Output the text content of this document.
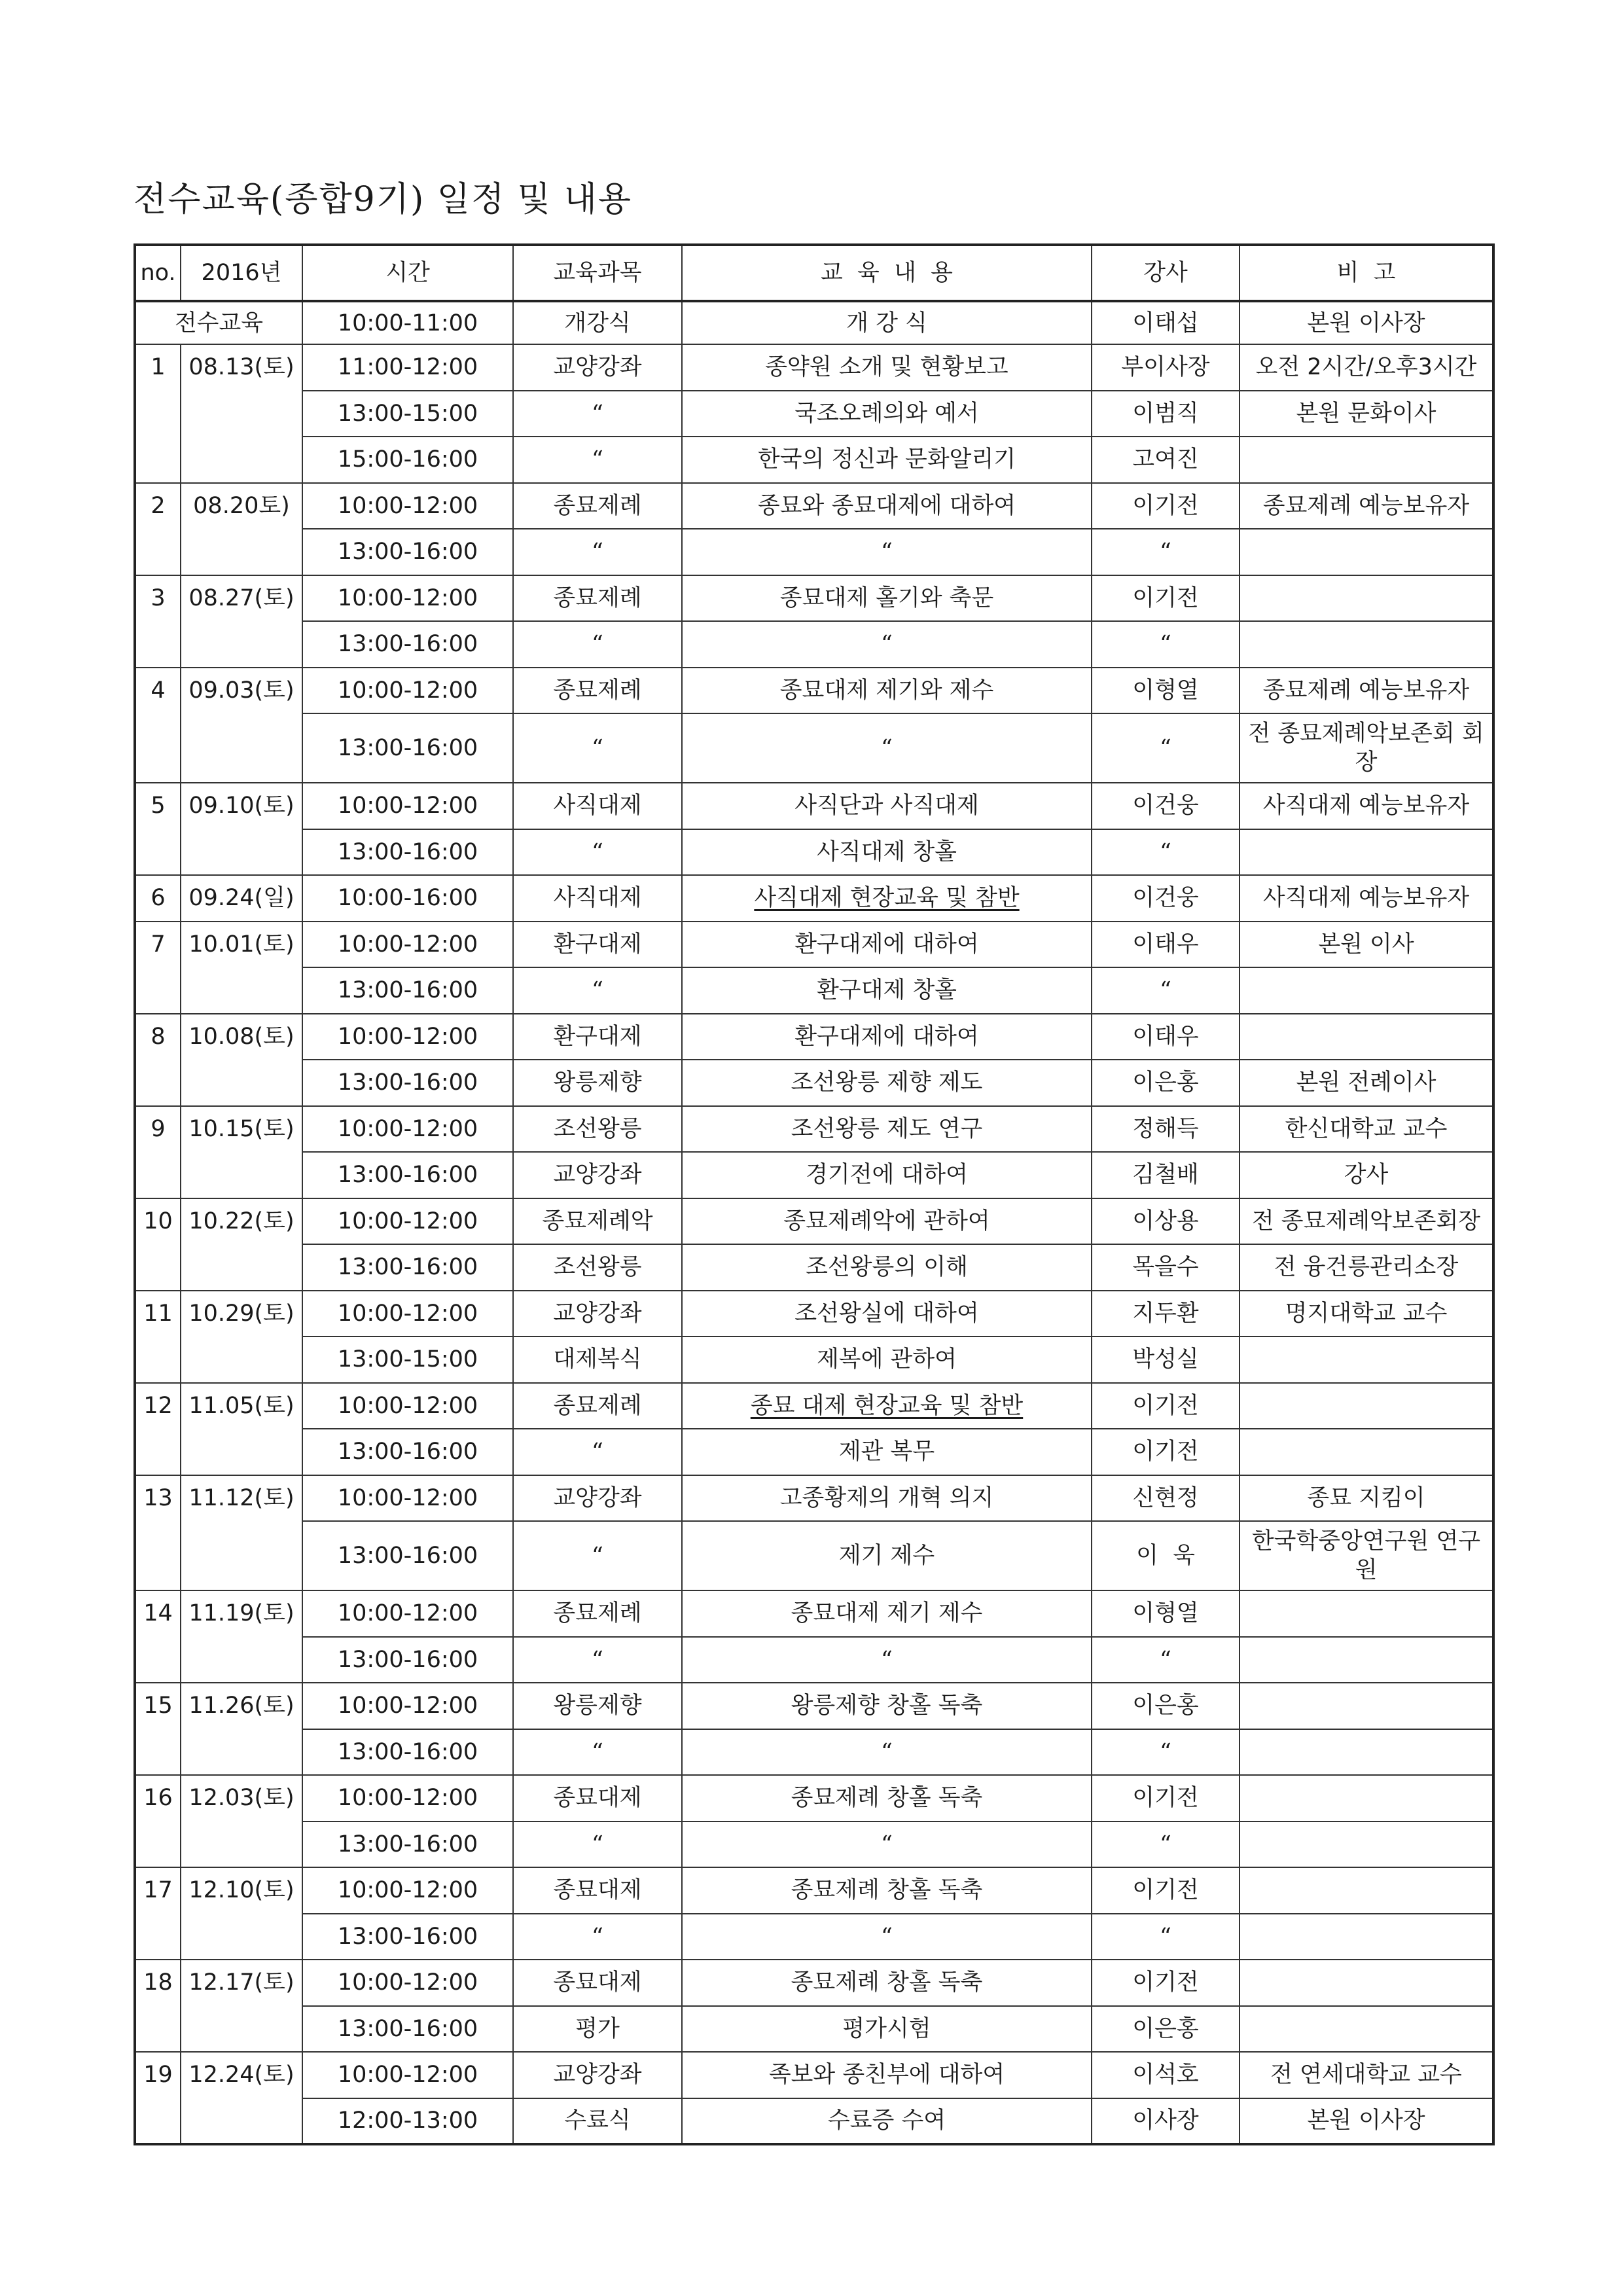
전수교육(종합9기) 일정 및 내용
no.	2016년	시간	교육과목	교  육  내  용	강사	비  고
전수교육		10:00-11:00	개강식	개 강 식	이태섭	본원 이사장
1	08.13(토)	11:00-12:00	교양강좌	종약원 소개 및 현황보고	부이사장	오전 2시간/오후3시간
		13:00-15:00	“	국조오례의와 예서	이범직	본원 문화이사
		15:00-16:00	“	한국의 정신과 문화알리기	고여진	
2	08.20토)	10:00-12:00	종묘제례	종묘와 종묘대제에 대하여	이기전	종묘제례 예능보유자
		13:00-16:00	“	“	“	
3	08.27(토)	10:00-12:00	종묘제례	종묘대제 홀기와 축문	이기전	
		13:00-16:00	“	“	“	
4	09.03(토)	10:00-12:00	종묘제례	종묘대제 제기와 제수	이형열	종묘제례 예능보유자
		13:00-16:00	“	“	“	전 종묘제례악보존회 회장
5	09.10(토)	10:00-12:00	사직대제	사직단과 사직대제	이건웅	사직대제 예능보유자
		13:00-16:00	“	사직대제 창홀	“	
6	09.24(일)	10:00-16:00	사직대제	사직대제 현장교육 및 참반	이건웅	사직대제 예능보유자
7	10.01(토)	10:00-12:00	환구대제	환구대제에 대하여	이태우	본원 이사
		13:00-16:00	“	환구대제 창홀	“	
8	10.08(토)	10:00-12:00	환구대제	환구대제에 대하여	이태우	
		13:00-16:00	왕릉제향	조선왕릉 제향 제도	이은홍	본원 전례이사
9	10.15(토)	10:00-12:00	조선왕릉	조선왕릉 제도 연구	정해득	한신대학교 교수
		13:00-16:00	교양강좌	경기전에 대하여	김철배	강사
10	10.22(토)	10:00-12:00	종묘제례악	종묘제례악에 관하여	이상용	전 종묘제례악보존회장
		13:00-16:00	조선왕릉	조선왕릉의 이해	목을수	전 융건릉관리소장
11	10.29(토)	10:00-12:00	교양강좌	조선왕실에 대하여	지두환	명지대학교 교수
		13:00-15:00	대제복식	제복에 관하여	박성실	
12	11.05(토)	10:00-12:00	종묘제례	종묘 대제 현장교육 및 참반	이기전	
		13:00-16:00	“	제관 복무	이기전	
13	11.12(토)	10:00-12:00	교양강좌	고종황제의 개혁 의지	신현정	종묘 지킴이
		13:00-16:00	“	제기 제수	이  욱	한국학중앙연구원 연구원
14	11.19(토)	10:00-12:00	종묘제례	종묘대제 제기 제수	이형열	
		13:00-16:00	“	“	“	
15	11.26(토)	10:00-12:00	왕릉제향	왕릉제향 창홀 독축	이은홍	
		13:00-16:00	“	“	“	
16	12.03(토)	10:00-12:00	종묘대제	종묘제례 창홀 독축	이기전	
		13:00-16:00	“	“	“	
17	12.10(토)	10:00-12:00	종묘대제	종묘제례 창홀 독축	이기전	
		13:00-16:00	“	“	“	
18	12.17(토)	10:00-12:00	종묘대제	종묘제례 창홀 독축	이기전	
		13:00-16:00	평가	평가시험	이은홍	
19	12.24(토)	10:00-12:00	교양강좌	족보와 종친부에 대하여	이석호	전 연세대학교 교수
		12:00-13:00	수료식	수료증 수여	이사장	본원 이사장
